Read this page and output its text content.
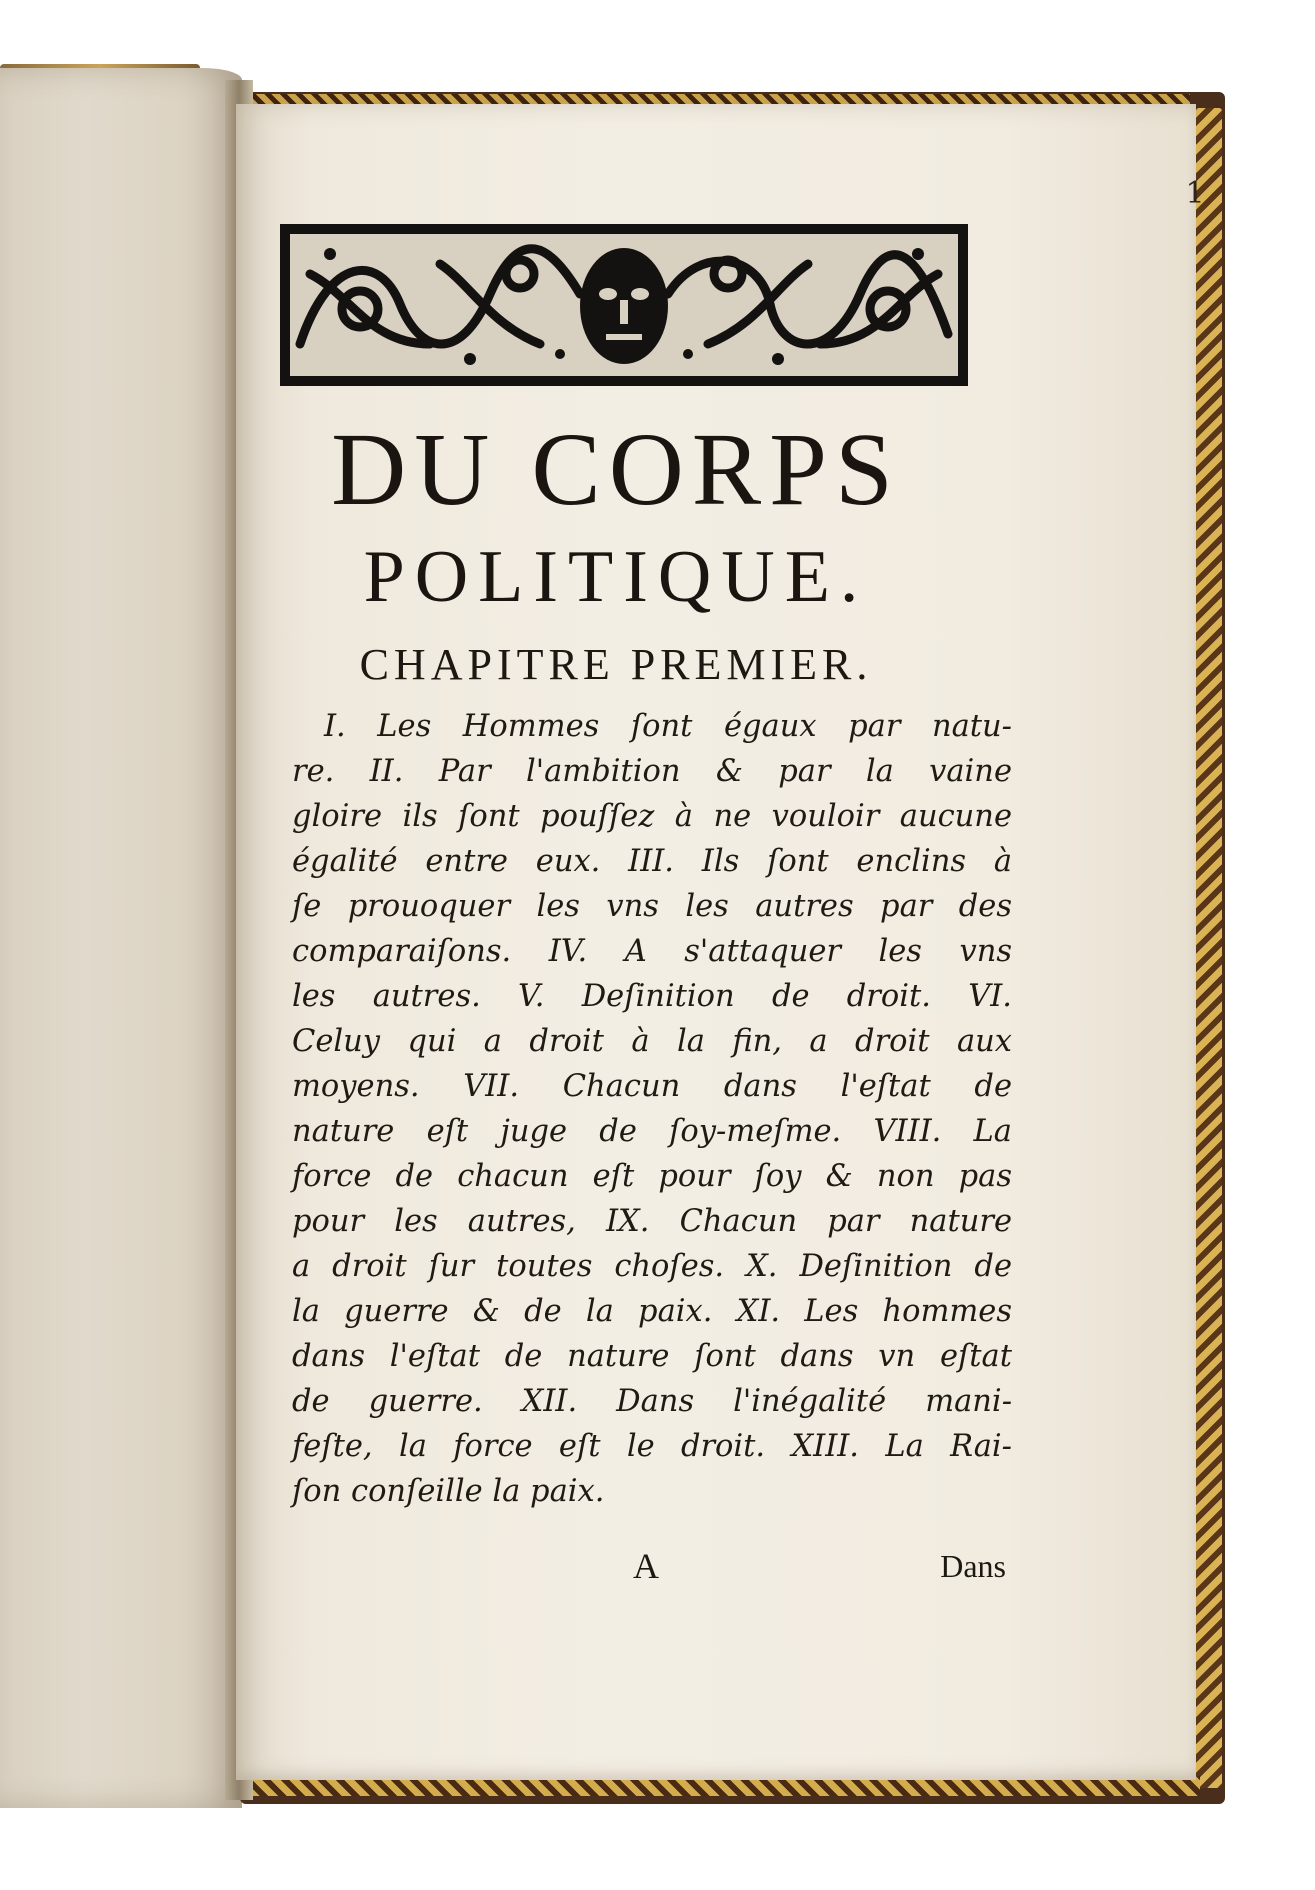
1
DU CORPS
POLITIQUE.
CHAPITRE PREMIER.
I. Les Hommes ſont égaux par natu-
re. II. Par l'ambition & par la vaine
gloire ils ſont pouſſez à ne vouloir aucune
égalité entre eux. III. Ils ſont enclins à
ſe prouoquer les vns les autres par des
comparaiſons. IV. A s'attaquer les vns
les autres. V. Deſinition de droit. VI.
Celuy qui a droit à la fin, a droit aux
moyens. VII. Chacun dans l'eſtat de
nature eſt juge de ſoy-meſme. VIII. La
force de chacun eſt pour ſoy & non pas
pour les autres, IX. Chacun par nature
a droit ſur toutes choſes. X. Deſinition de
la guerre & de la paix. XI. Les hommes
dans l'eſtat de nature ſont dans vn eſtat
de guerre. XII. Dans l'inégalité mani-
feſte, la force eſt le droit. XIII. La Rai-
ſon conſeille la paix.
A	Dans
